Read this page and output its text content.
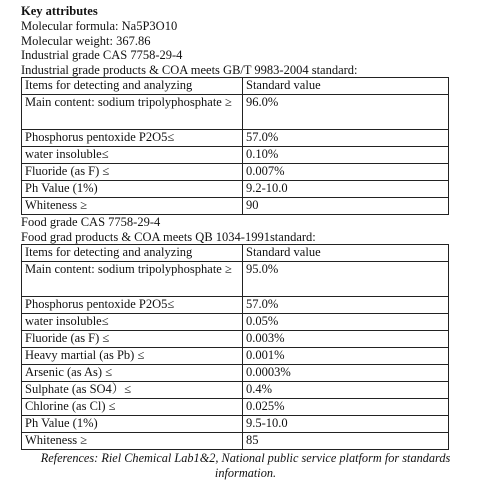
Key attributes
Molecular formula: Na5P3O10
Molecular weight: 367.86
Industrial grade CAS 7758-29-4
Industrial grade products & COA meets GB/T 9983-2004 standard:
Items for detecting and analyzing	Standard value
Main content: sodium tripolyphosphate ≥	96.0%
Phosphorus pentoxide P2O5≤	57.0%
water insoluble≤	0.10%
Fluoride (as F) ≤	0.007%
Ph Value (1%)	9.2-10.0
Whiteness ≥	90
Food grade CAS 7758-29-4
Food grad products & COA meets QB 1034-1991standard:
Items for detecting and analyzing	Standard value
Main content: sodium tripolyphosphate ≥	95.0%
Phosphorus pentoxide P2O5≤	57.0%
water insoluble≤	0.05%
Fluoride (as F) ≤	0.003%
Heavy martial (as Pb) ≤	0.001%
Arsenic (as As) ≤	0.0003%
Sulphate (as SO4）≤	0.4%
Chlorine (as Cl) ≤	0.025%
Ph Value (1%)	9.5-10.0
Whiteness ≥	85
References: Riel Chemical Lab1&2, National public service platform for standards information.
